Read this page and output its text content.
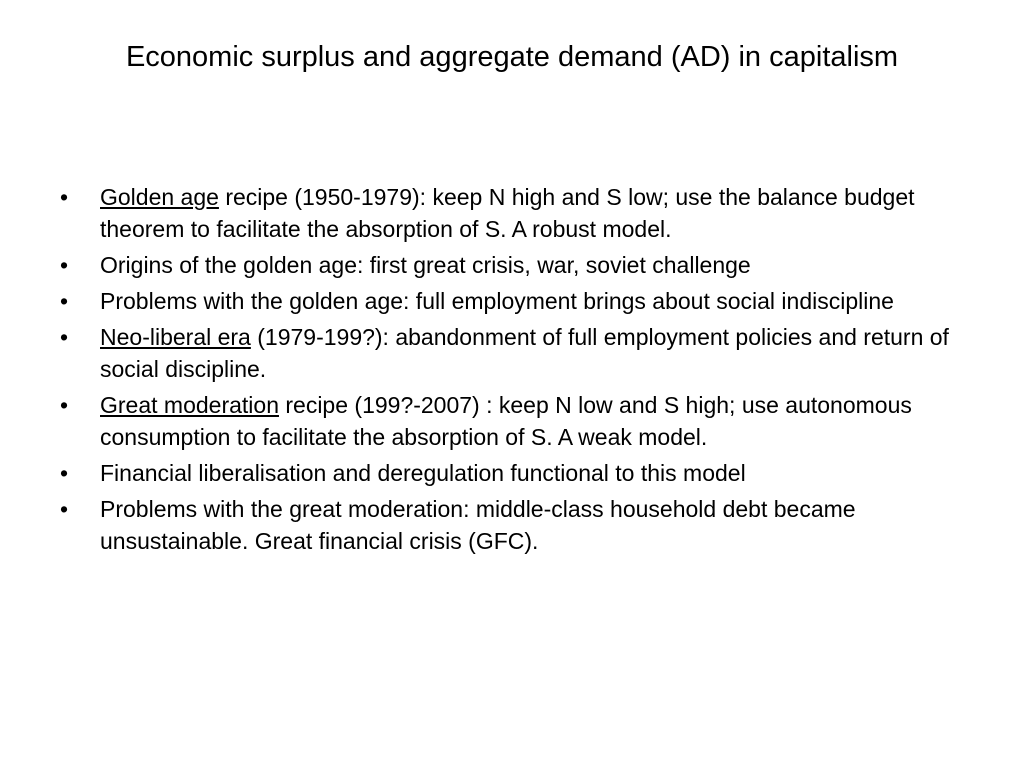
Economic surplus and aggregate demand (AD) in capitalism
• Golden age recipe (1950-1979): keep N high and S low; use the balance budget theorem to facilitate the absorption of S. A robust model.
• Origins of the golden age: first great crisis, war, soviet challenge
• Problems with the golden age: full employment brings about social indiscipline
• Neo-liberal era (1979-199?): abandonment of full employment policies and return of social discipline.
• Great moderation recipe (199?-2007) : keep N low and S high; use autonomous consumption to facilitate the absorption of S. A weak model.
• Financial liberalisation and deregulation functional to this model
• Problems with the great moderation: middle-class household debt became unsustainable. Great financial crisis (GFC).
